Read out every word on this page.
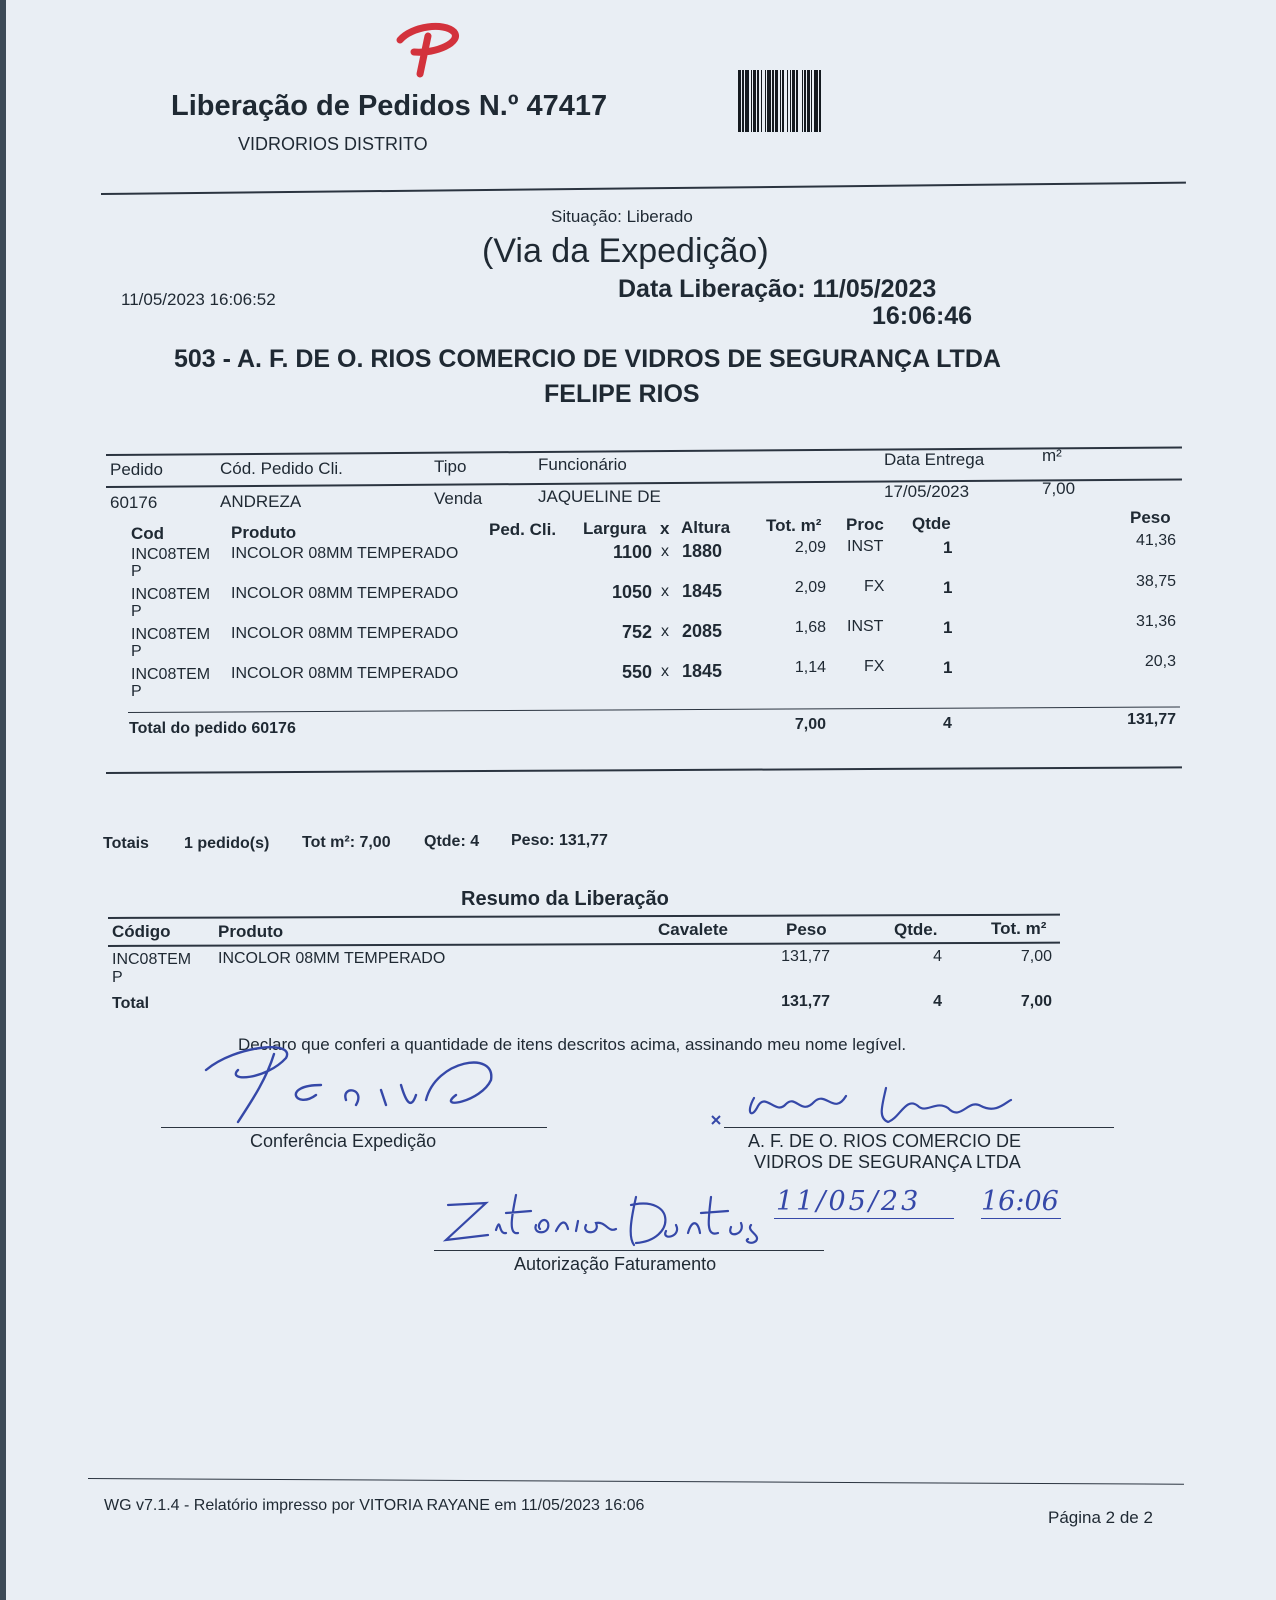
Liberação de Pedidos N.º 47417
VIDRORIOS DISTRITO
Situação: Liberado
(Via da Expedição)
11/05/2023 16:06:52	Data Liberação: 11/05/2023
16:06:46
503 - A. F. DE O. RIOS COMERCIO DE VIDROS DE SEGURANÇA LTDA
FELIPE RIOS
Pedido	Cód. Pedido Cli.	Tipo	Funcionário	Data Entrega	m²
60176	ANDREZA	Venda	JAQUELINE DE	17/05/2023	7,00
Cod	Produto	Ped. Cli. Largura x Altura Tot. m² Proc Qtde	Peso
INC08TEM
P
INCOLOR 08MM TEMPERADO	1100 x 1880	2,09 INST	1	41,36
INC08TEM
P
INCOLOR 08MM TEMPERADO	1050 x 1845	2,09 FX	1	38,75
INC08TEM
P
INCOLOR 08MM TEMPERADO	752 x 2085	1,68 INST	1	31,36
INC08TEM
P
INCOLOR 08MM TEMPERADO	550 x 1845	1,14 FX	1	20,3
Total do pedido 60176	7,00	4	131,77
Totais 1 pedido(s) Tot m²: 7,00 Qtde: 4 Peso: 131,77
Resumo da Liberação
Código	Produto	Cavalete	Peso	Qtde.	Tot. m²
INC08TEM
P
INCOLOR 08MM TEMPERADO	131,77	4	7,00
Total	131,77	4	7,00
Declaro que conferi a quantidade de itens descritos acima, assinando meu nome legível.
Conferência Expedição	A. F. DE O. RIOS COMERCIO DE
VIDROS DE SEGURANÇA LTDA
11/05/23 16:06
Autorização Faturamento
WG v7.1.4 - Relatório impresso por VITORIA RAYANE em 11/05/2023 16:06
Página 2 de 2
